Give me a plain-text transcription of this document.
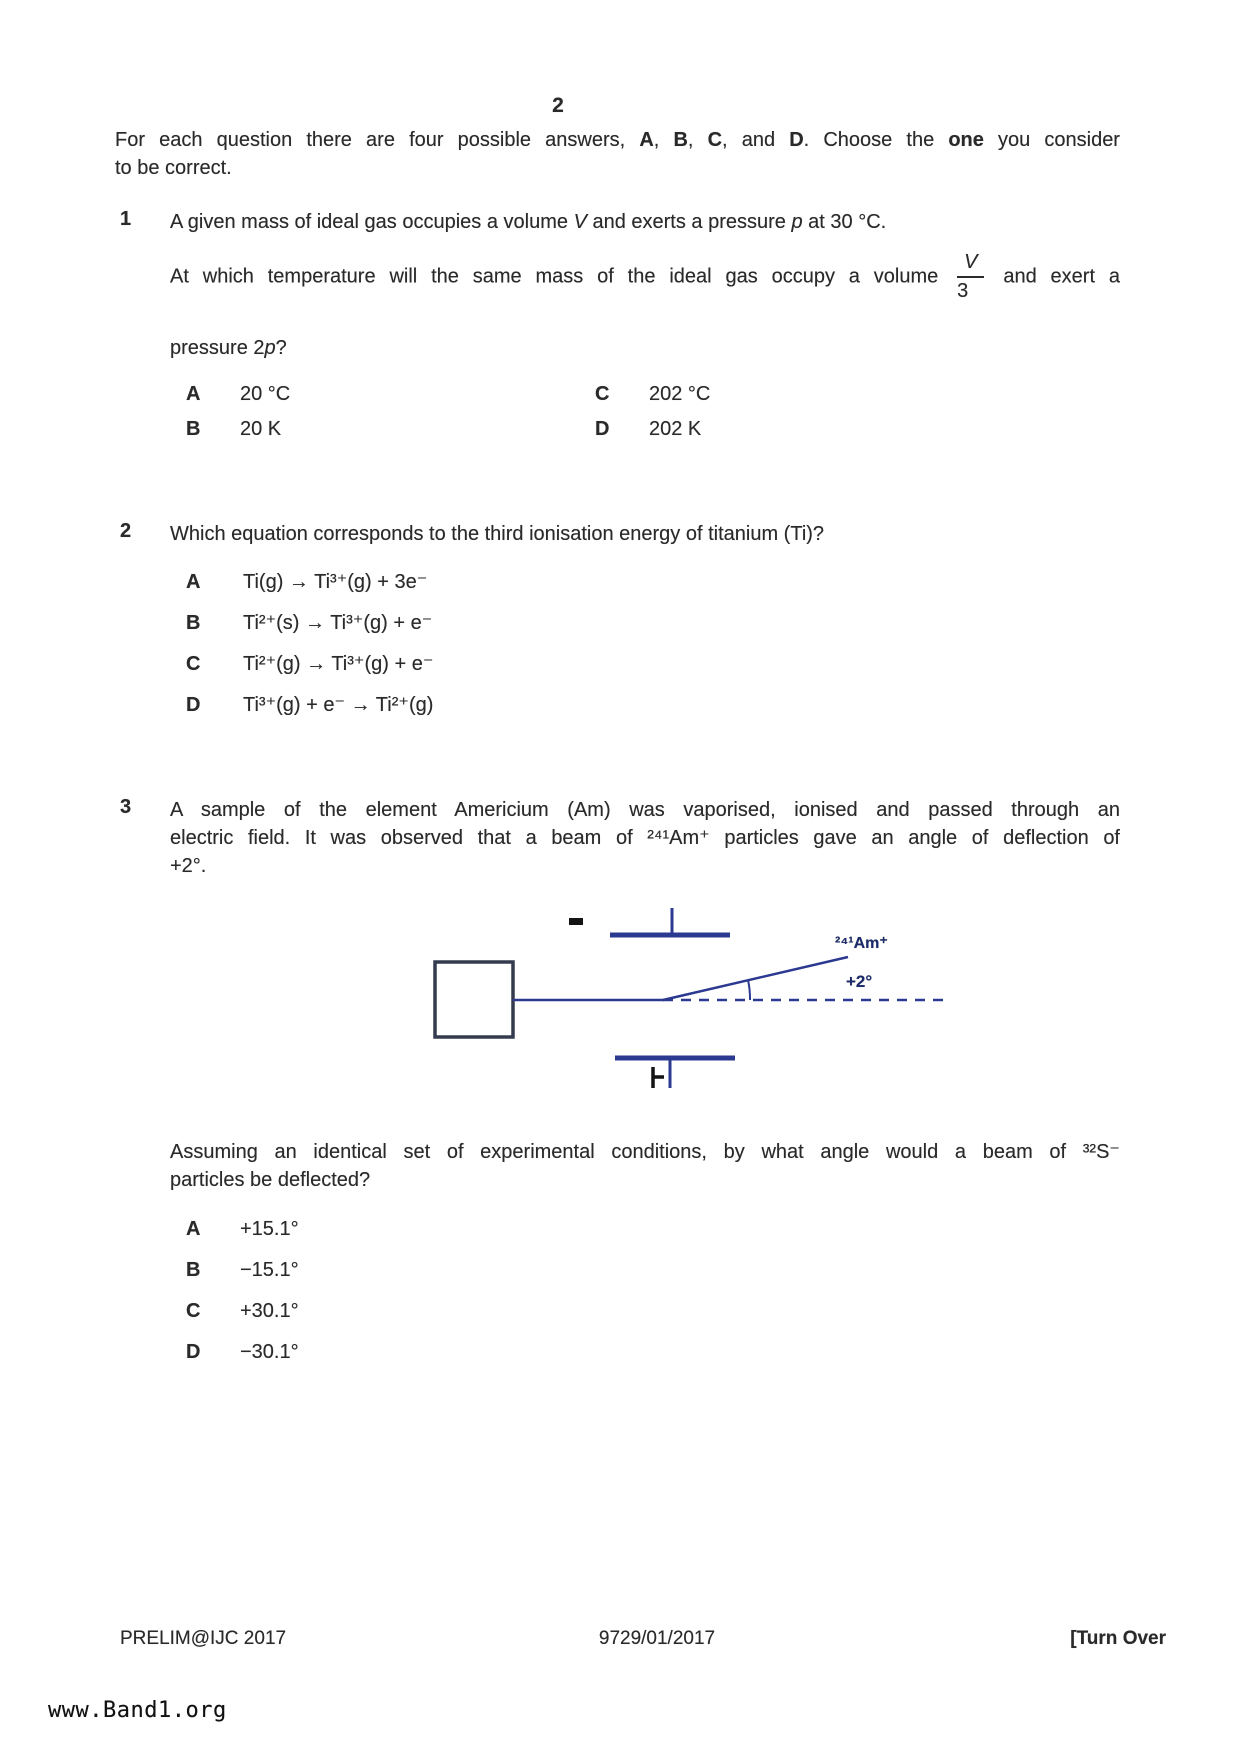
2
For each question there are four possible answers, A, B, C, and D. Choose the one you consider
to be correct.
1 A given mass of ideal gas occupies a volume V and exerts a pressure p at 30 °C.
At which temperature will the same mass of the ideal gas occupy a volume $\frac{V}{3}$ and exert a
pressure 2p?
A 20 °C
B 20 K
C 202 °C
D 202 K
2 Which equation corresponds to the third ionisation energy of titanium (Ti)?
A Ti(g) → Ti³⁺(g) + 3e⁻
B Ti²⁺(s) → Ti³⁺(g) + e⁻
C Ti²⁺(g) → Ti³⁺(g) + e⁻
D Ti³⁺(g) + e⁻ → Ti²⁺(g)
3 A sample of the element Americium (Am) was vaporised, ionised and passed through an
electric field. It was observed that a beam of ²⁴¹Am⁺ particles gave an angle of deflection of
+2°.
²⁴¹Am⁺
+2°
Assuming an identical set of experimental conditions, by what angle would a beam of ³²S⁻
particles be deflected?
A +15.1°
B −15.1°
C +30.1°
D −30.1°
PRELIM@IJC 2017	9729/01/2017	[Turn Over
www.Band1.org
